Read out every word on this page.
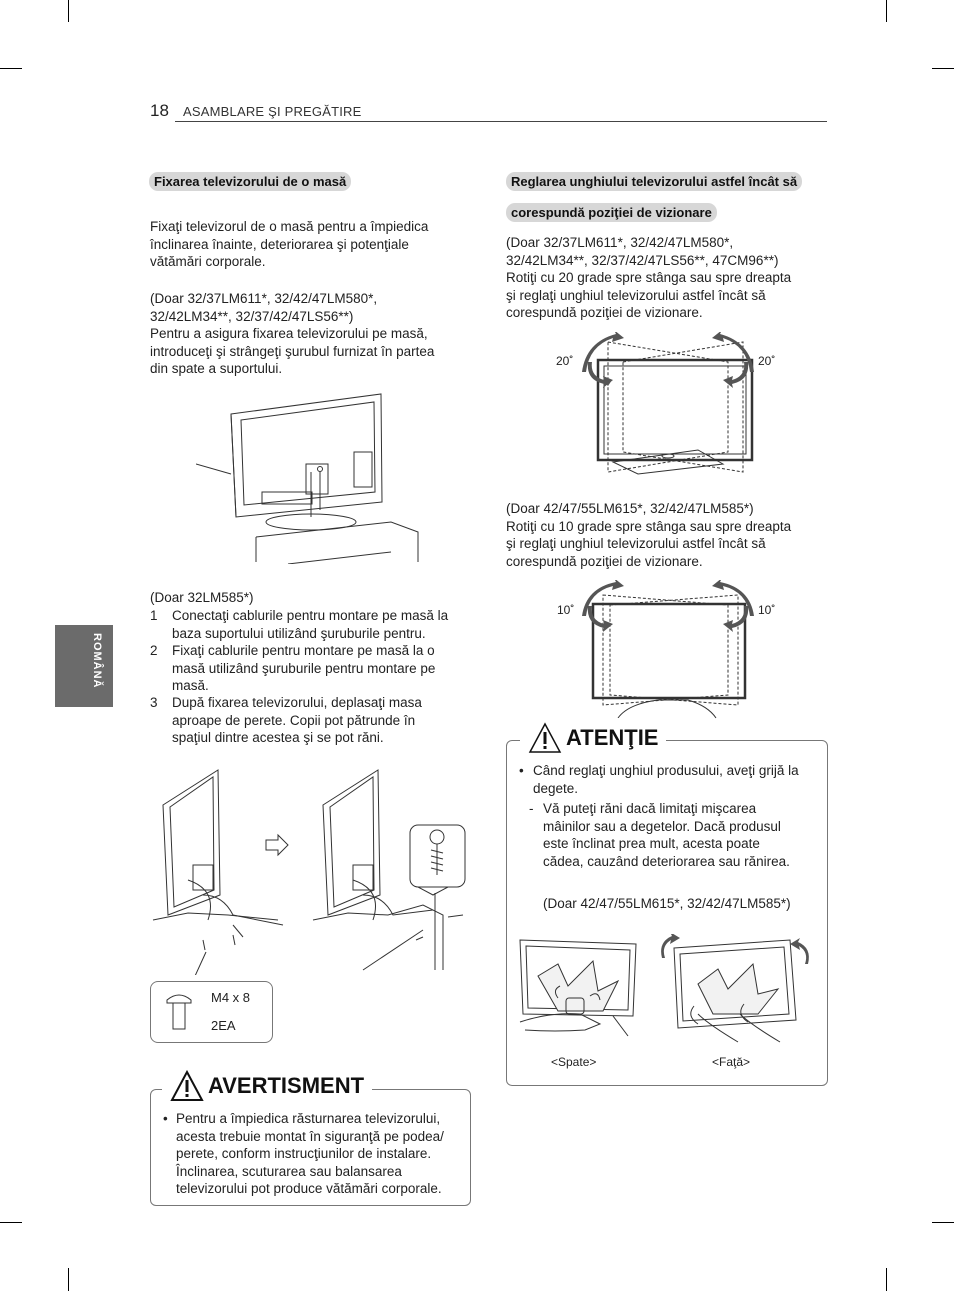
18 ASAMBLARE ŞI PREGĂTIRE
ROMÂNĂ
Fixarea televizorului de o masă

Fixaţi televizorul de o masă pentru a împiedica

înclinarea înainte, deteriorarea şi potenţiale

vătămări corporale.

(Doar 32/37LM611*, 32/42/47LM580*,

32/42LM34**, 32/37/42/47LS56**)

Pentru a asigura fixarea televizorului pe masă,

introduceţi şi strângeţi şurubul furnizat în partea

din spate a suportului.

(Doar 32LM585*)
1 Conectaţi cablurile pentru montare pe masă la

baza suportului utilizând şuruburile pentru.

2 Fixaţi cablurile pentru montare pe masă la o

masă utilizând şuruburile pentru montare pe

masă.

3 După fixarea televizorului, deplasaţi masa

aproape de perete. Copii pot pătrunde în

spaţiul dintre acestea şi se pot răni.

M4 x 8
2EA
AVERTISMENT
• Pentru a împiedica răsturnarea televizorului,

acesta trebuie montat în siguranţă pe podea/

perete, conform instrucţiunilor de instalare.

Înclinarea, scuturarea sau balansarea

televizorului pot produce vătămări corporale.

Reglarea unghiului televizorului astfel încât să
corespundă poziţiei de vizionare

(Doar 32/37LM611*, 32/42/47LM580*,

32/42LM34**, 32/37/42/47LS56**, 47CM96**)

Rotiţi cu 20 grade spre stânga sau spre dreapta

şi reglaţi unghiul televizorului astfel încât să

corespundă poziţiei de vizionare.

20˚	20˚

(Doar 42/47/55LM615*, 32/42/47LM585*)

Rotiţi cu 10 grade spre stânga sau spre dreapta

şi reglaţi unghiul televizorului astfel încât să

corespundă poziţiei de vizionare.

10˚	10˚
ATENŢIE
• Când reglaţi unghiul produsului, aveţi grijă la

degete.

- Vă puteţi răni dacă limitaţi mişcarea

mâinilor sau a degetelor. Dacă produsul

este înclinat prea mult, acesta poate

cădea, cauzând deteriorarea sau rănirea.

(Doar 42/47/55LM615*, 32/42/47LM585*)

<Spate>	<Faţă>
